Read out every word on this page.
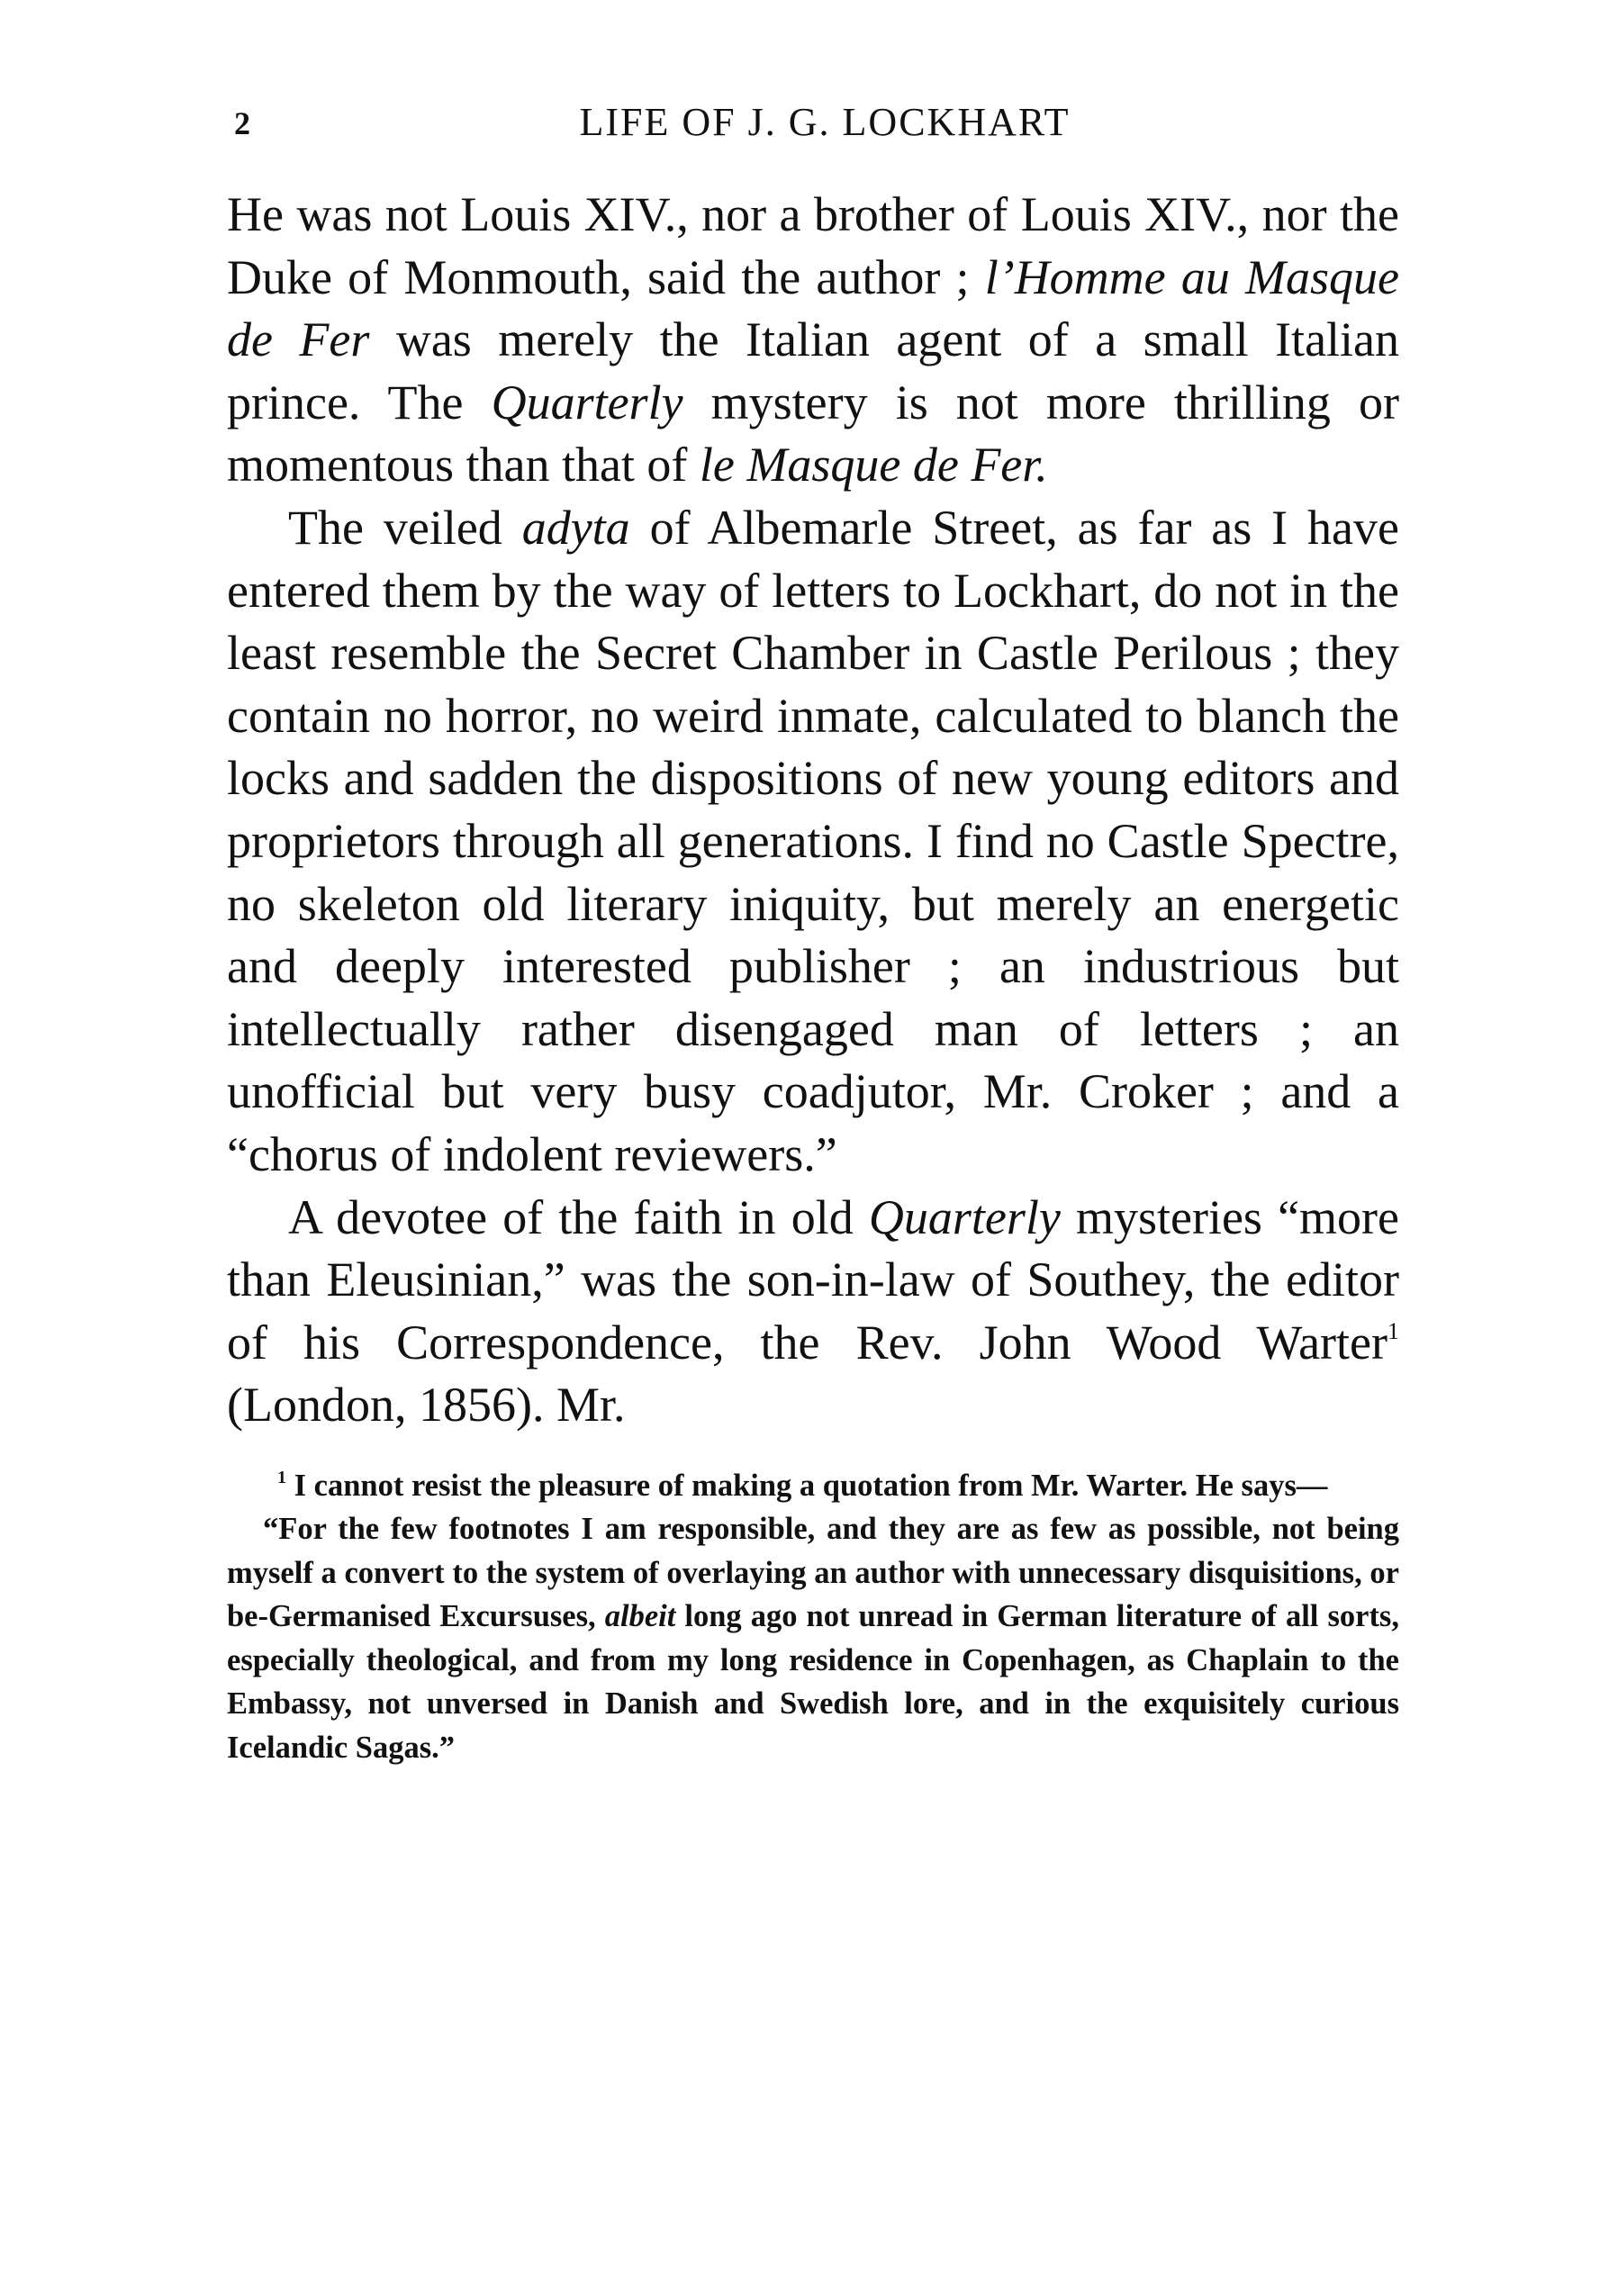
2	LIFE OF J. G. LOCKHART

He was not Louis XIV., nor a brother of Louis XIV., nor the Duke of Monmouth, said the author ; l’Homme au Masque de Fer was merely the Italian agent of a small Italian prince. The Quarterly mystery is not more thrilling or momentous than that of le Masque de Fer.

The veiled adyta of Albemarle Street, as far as I have entered them by the way of letters to Lockhart, do not in the least resemble the Secret Chamber in Castle Perilous ; they contain no horror, no weird inmate, calculated to blanch the locks and sadden the dispositions of new young editors and proprietors through all generations. I find no Castle Spectre, no skeleton old literary iniquity, but merely an energetic and deeply interested publisher ; an industrious but intellectually rather disengaged man of letters ; an unofficial but very busy coadjutor, Mr. Croker ; and a “chorus of indolent reviewers.”

A devotee of the faith in old Quarterly mysteries “more than Eleusinian,” was the son-in-law of Southey, the editor of his Correspondence, the Rev. John Wood Warter$^1$ (London, 1856). Mr.

$^1$ I cannot resist the pleasure of making a quotation from Mr. Warter. He says—

“For the few footnotes I am responsible, and they are as few as possible, not being myself a convert to the system of overlaying an author with unnecessary disquisitions, or be-Germanised Excursuses, albeit long ago not unread in German literature of all sorts, especially theological, and from my long residence in Copenhagen, as Chaplain to the Embassy, not unversed in Danish and Swedish lore, and in the exquisitely curious Icelandic Sagas.”
